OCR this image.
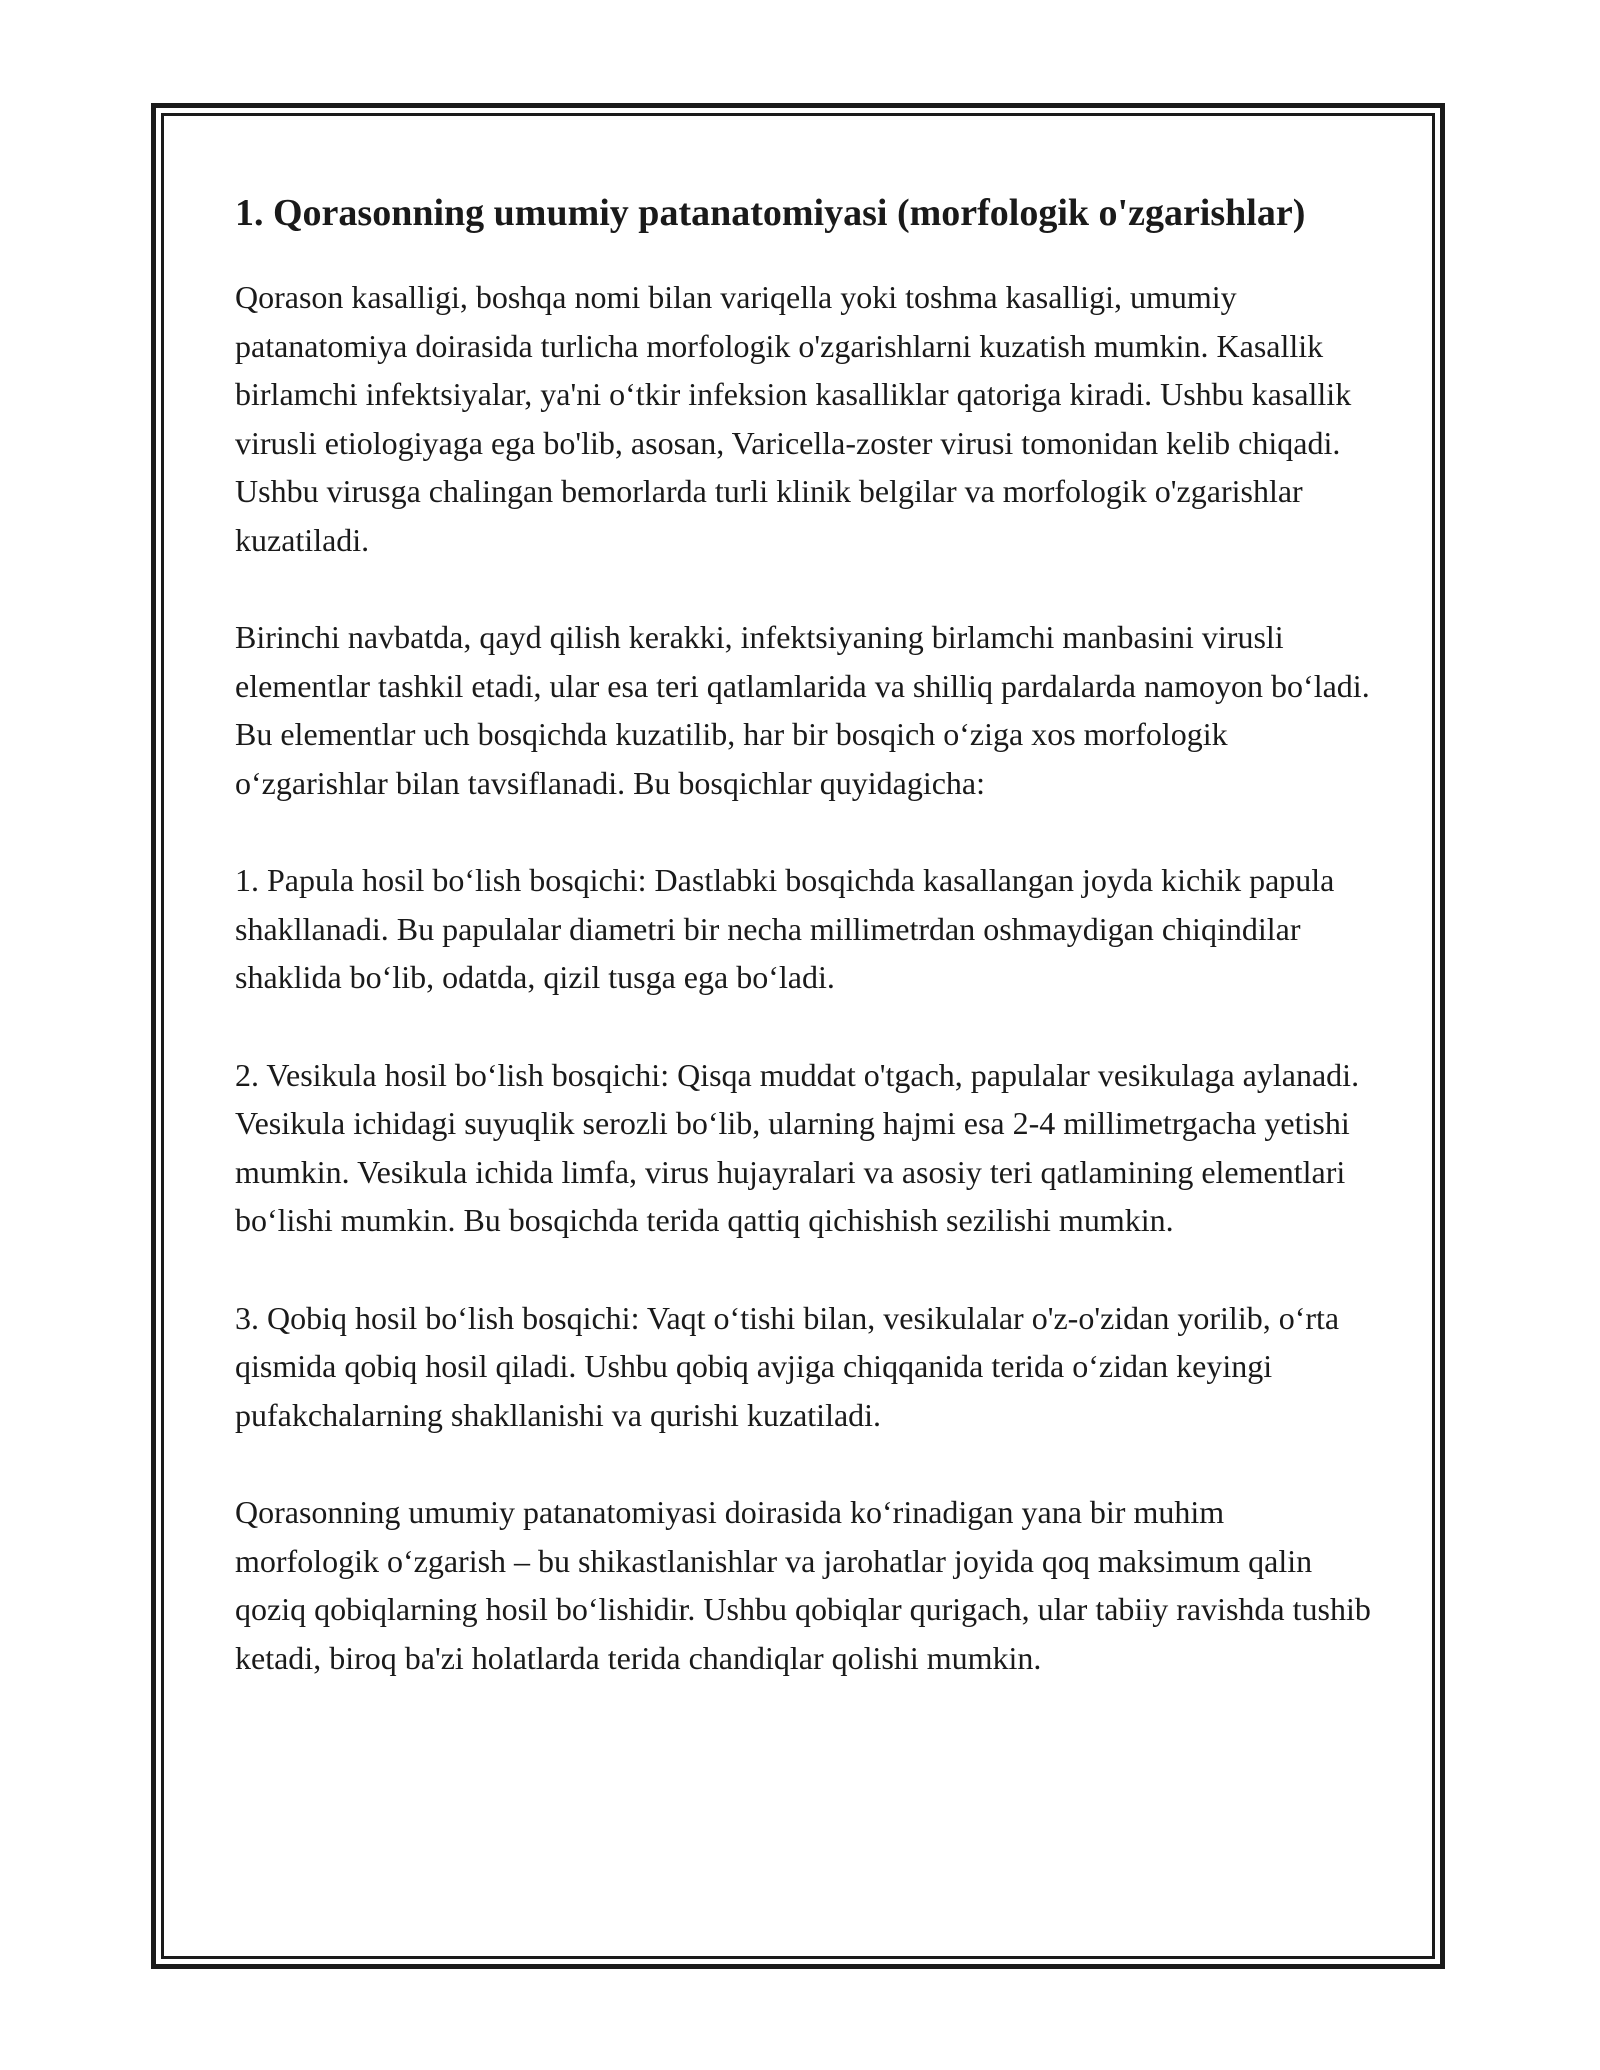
1. Qorasonning umumiy patanatomiyasi (morfologik o'zgarishlar)

Qorason kasalligi, boshqa nomi bilan variqella yoki toshma kasalligi, umumiy patanatomiya doirasida turlicha morfologik o'zgarishlarni kuzatish mumkin. Kasallik birlamchi infektsiyalar, ya'ni o‘tkir infeksion kasalliklar qatoriga kiradi. Ushbu kasallik virusli etiologiyaga ega bo'lib, asosan, Varicella-zoster virusi tomonidan kelib chiqadi. Ushbu virusga chalingan bemorlarda turli klinik belgilar va morfologik o'zgarishlar kuzatiladi.

Birinchi navbatda, qayd qilish kerakki, infektsiyaning birlamchi manbasini virusli elementlar tashkil etadi, ular esa teri qatlamlarida va shilliq pardalarda namoyon bo‘ladi. Bu elementlar uch bosqichda kuzatilib, har bir bosqich o‘ziga xos morfologik o‘zgarishlar bilan tavsiflanadi. Bu bosqichlar quyidagicha:

1. Papula hosil bo‘lish bosqichi: Dastlabki bosqichda kasallangan joyda kichik papula shakllanadi. Bu papulalar diametri bir necha millimetrdan oshmaydigan chiqindilar shaklida bo‘lib, odatda, qizil tusga ega bo‘ladi.

2. Vesikula hosil bo‘lish bosqichi: Qisqa muddat o'tgach, papulalar vesikulaga aylanadi. Vesikula ichidagi suyuqlik serozli bo‘lib, ularning hajmi esa 2-4 millimetrgacha yetishi mumkin. Vesikula ichida limfa, virus hujayralari va asosiy teri qatlamining elementlari bo‘lishi mumkin. Bu bosqichda terida qattiq qichishish sezilishi mumkin.

3. Qobiq hosil bo‘lish bosqichi: Vaqt o‘tishi bilan, vesikulalar o'z-o'zidan yorilib, o‘rta qismida qobiq hosil qiladi. Ushbu qobiq avjiga chiqqanida terida o‘zidan keyingi pufakchalarning shakllanishi va qurishi kuzatiladi.

Qorasonning umumiy patanatomiyasi doirasida ko‘rinadigan yana bir muhim morfologik o‘zgarish – bu shikastlanishlar va jarohatlar joyida qoq maksimum qalin qoziq qobiqlarning hosil bo‘lishidir. Ushbu qobiqlar qurigach, ular tabiiy ravishda tushib ketadi, biroq ba'zi holatlarda terida chandiqlar qolishi mumkin.
